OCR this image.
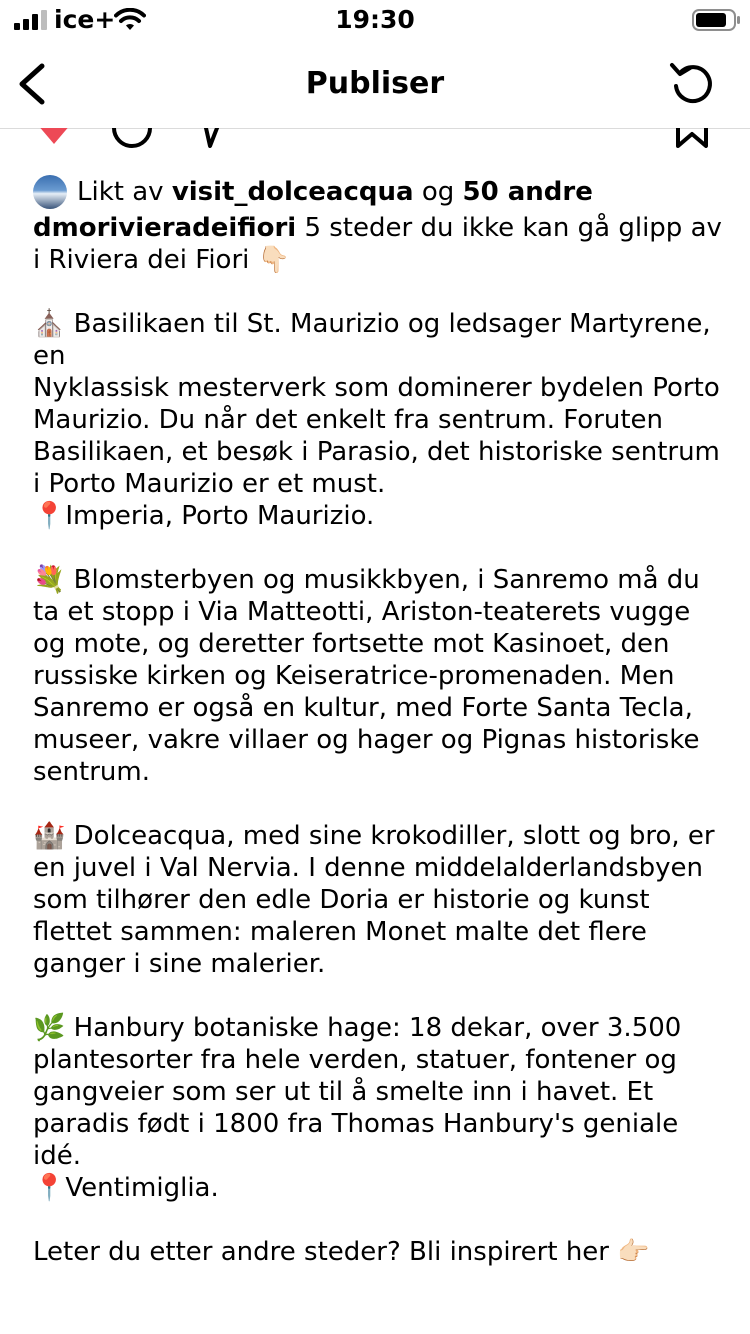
ice+	19:30
Publiser
Likt av
visit_dolceacqua
og
50 andre

dmorivieradeifiori 5 steder du ikke kan gå glipp av i Riviera dei Fiori 👇🏻

⛪ Basilikaen til St. Maurizio og ledsager Martyrene, en

Nyklassisk mesterverk som dominerer bydelen Porto Maurizio. Du når det enkelt fra sentrum. Foruten Basilikaen, et besøk i Parasio, det historiske sentrum i Porto Maurizio er et must.

📍Imperia, Porto Maurizio.

💐 Blomsterbyen og musikkbyen, i Sanremo må du ta et stopp i Via Matteotti, Ariston-teaterets vugge og mote, og deretter fortsette mot Kasinoet, den russiske kirken og Keiseratrice-promenaden. Men Sanremo er også en kultur, med Forte Santa Tecla, museer, vakre villaer og hager og Pignas historiske sentrum.

🏰 Dolceacqua, med sine krokodiller, slott og bro, er en juvel i Val Nervia. I denne middelalderlandsbyen som tilhører den edle Doria er historie og kunst flettet sammen: maleren Monet malte det flere ganger i sine malerier.

🌿 Hanbury botaniske hage: 18 dekar, over 3.500 plantesorter fra hele verden, statuer, fontener og gangveier som ser ut til å smelte inn i havet. Et paradis født i 1800 fra Thomas Hanbury's geniale idé.

📍Ventimiglia.

Leter du etter andre steder? Bli inspirert her 👉🏻
